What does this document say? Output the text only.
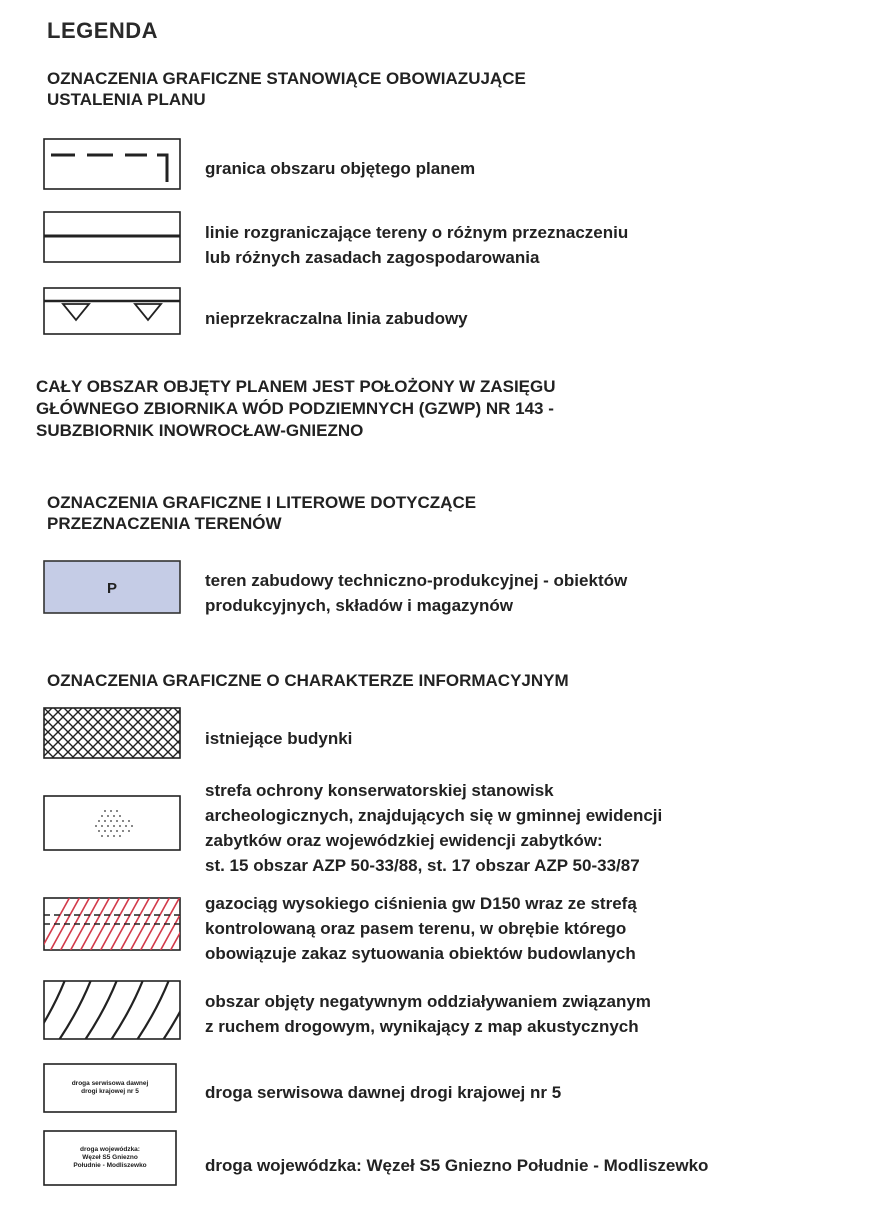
LEGENDA
OZNACZENIA GRAFICZNE STANOWIĄCE OBOWIAZUJĄCE
USTALENIA PLANU
granica obszaru objętego planem
linie rozgraniczające tereny o różnym przeznaczeniu
lub różnych zasadach zagospodarowania
nieprzekraczalna linia zabudowy
CAŁY OBSZAR OBJĘTY PLANEM JEST POŁOŻONY W ZASIĘGU
GŁÓWNEGO ZBIORNIKA WÓD PODZIEMNYCH (GZWP) NR 143 -
SUBZBIORNIK INOWROCŁAW-GNIEZNO
OZNACZENIA GRAFICZNE I LITEROWE DOTYCZĄCE
PRZEZNACZENIA TERENÓW
P	teren zabudowy techniczno-produkcyjnej - obiektów
produkcyjnych, składów i magazynów
OZNACZENIA GRAFICZNE O CHARAKTERZE INFORMACYJNYM
istniejące budynki
strefa ochrony konserwatorskiej stanowisk
archeologicznych, znajdujących się w gminnej ewidencji
zabytków oraz wojewódzkiej ewidencji zabytków:
st. 15 obszar AZP 50-33/88, st. 17 obszar AZP 50-33/87
gazociąg wysokiego ciśnienia gw D150 wraz ze strefą
kontrolowaną oraz pasem terenu, w obrębie którego
obowiązuje zakaz sytuowania obiektów budowlanych
obszar objęty negatywnym oddziaływaniem związanym
z ruchem drogowym, wynikający z map akustycznych
droga serwisowa dawnej
drogi krajowej nr 5	droga serwisowa dawnej drogi krajowej nr 5
droga wojewódzka:
Węzeł S5 Gniezno
Południe - Modliszewko	droga wojewódzka: Węzeł S5 Gniezno Południe - Modliszewko
